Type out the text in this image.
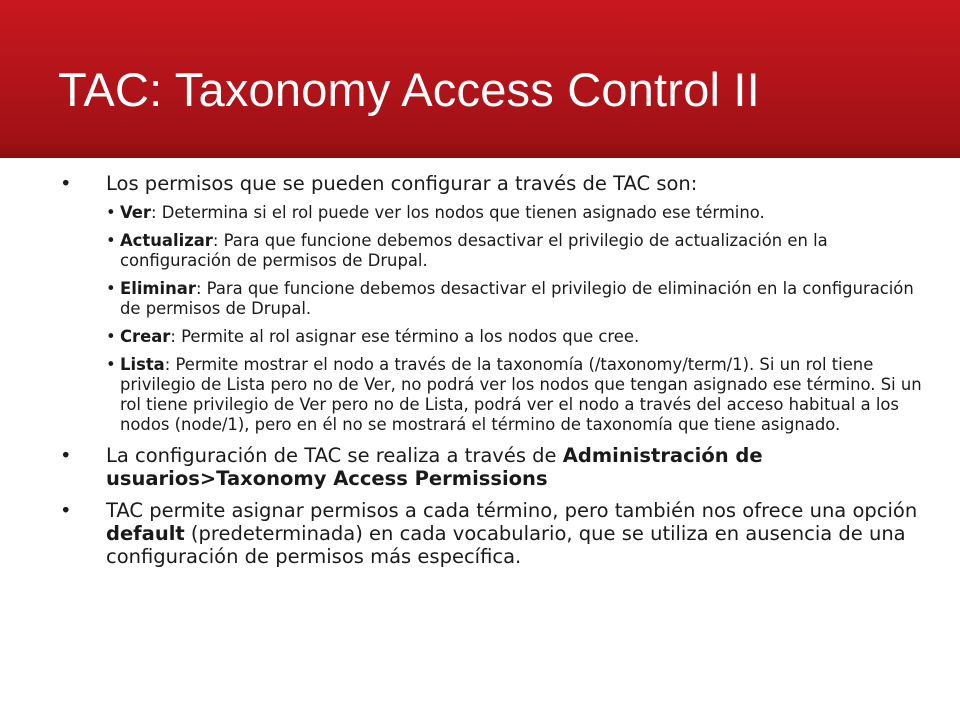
TAC: Taxonomy Access Control II
• Los permisos que se pueden configurar a través de TAC son:
• Ver: Determina si el rol puede ver los nodos que tienen asignado ese término.
• Actualizar: Para que funcione debemos desactivar el privilegio de actualización en la configuración de permisos de Drupal.
• Eliminar: Para que funcione debemos desactivar el privilegio de eliminación en la configuración de permisos de Drupal.
• Crear: Permite al rol asignar ese término a los nodos que cree.
• Lista: Permite mostrar el nodo a través de la taxonomía (/taxonomy/term/1). Si un rol tiene privilegio de Lista pero no de Ver, no podrá ver los nodos que tengan asignado ese término. Si un rol tiene privilegio de Ver pero no de Lista, podrá ver el nodo a través del acceso habitual a los nodos (node/1), pero en él no se mostrará el término de taxonomía que tiene asignado.
• La configuración de TAC se realiza a través de Administración de usuarios>Taxonomy Access Permissions
• TAC permite asignar permisos a cada término, pero también nos ofrece una opción default (predeterminada) en cada vocabulario, que se utiliza en ausencia de una configuración de permisos más específica.
